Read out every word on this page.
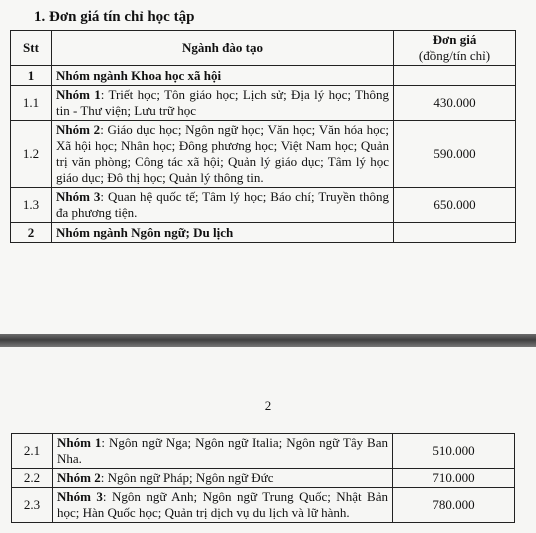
1. Đơn giá tín chỉ học tập
Stt	Ngành đào tạo	Đơn giá
(đồng/tín chỉ)
1	Nhóm ngành Khoa học xã hội	
1.1	Nhóm 1: Triết học; Tôn giáo học; Lịch sử; Địa lý học; Thông tin - Thư viện; Lưu trữ học	430.000
1.2	Nhóm 2: Giáo dục học; Ngôn ngữ học; Văn học; Văn hóa học; Xã hội học; Nhân học; Đông phương học; Việt Nam học; Quản trị văn phòng; Công tác xã hội; Quản lý giáo dục; Tâm lý học giáo dục; Đô thị học; Quản lý thông tin.	590.000
1.3	Nhóm 3: Quan hệ quốc tế; Tâm lý học; Báo chí; Truyền thông đa phương tiện.	650.000
2	Nhóm ngành Ngôn ngữ; Du lịch	
2
2.1	Nhóm 1: Ngôn ngữ Nga; Ngôn ngữ Italia; Ngôn ngữ Tây Ban Nha.	510.000
2.2	Nhóm 2: Ngôn ngữ Pháp; Ngôn ngữ Đức	710.000
2.3	Nhóm 3: Ngôn ngữ Anh; Ngôn ngữ Trung Quốc; Nhật Bản học; Hàn Quốc học; Quản trị dịch vụ du lịch và lữ hành.	780.000
